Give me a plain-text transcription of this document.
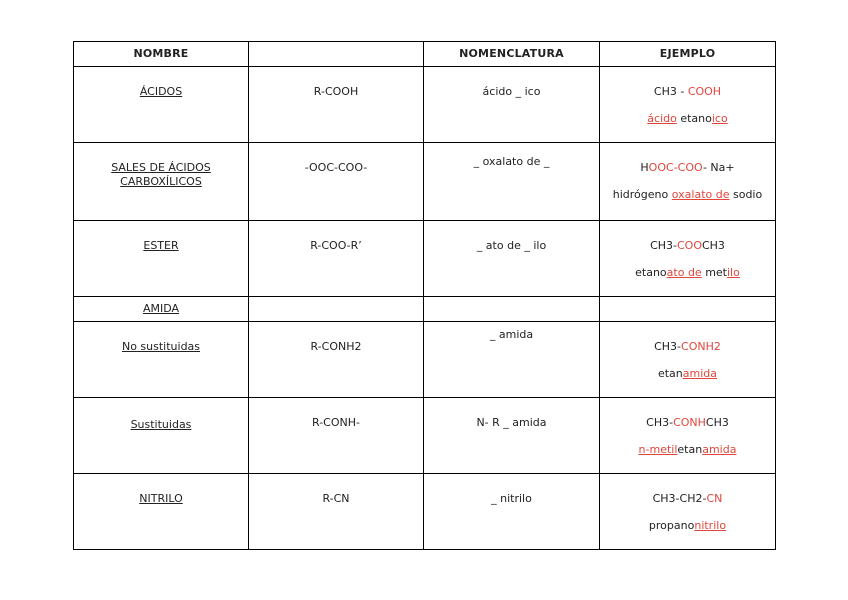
NOMBRE		NOMENCLATURA	EJEMPLO

ÁCIDOS	R-COOH	ácido _ ico	CH3 - COOH
ácido etanoico

SALES DE ÁCIDOS CARBOXÍLICOS	-OOC-COO-	_ oxalato de _	HOOC-COO- Na+
hidrógeno oxalato de sodio

ESTER	R-COO-R’	_ ato de _ ilo	CH3-COOCH3
etanoato de metilo

AMIDA			

No sustituidas	R-CONH2	_ amida	CH3-CONH2
etanamida

Sustituidas	R-CONH-	N- R _ amida	CH3-CONHCH3
n-metiletanamida

NITRILO	R-CN	_ nitrilo	CH3-CH2-CN
propanonitrilo
